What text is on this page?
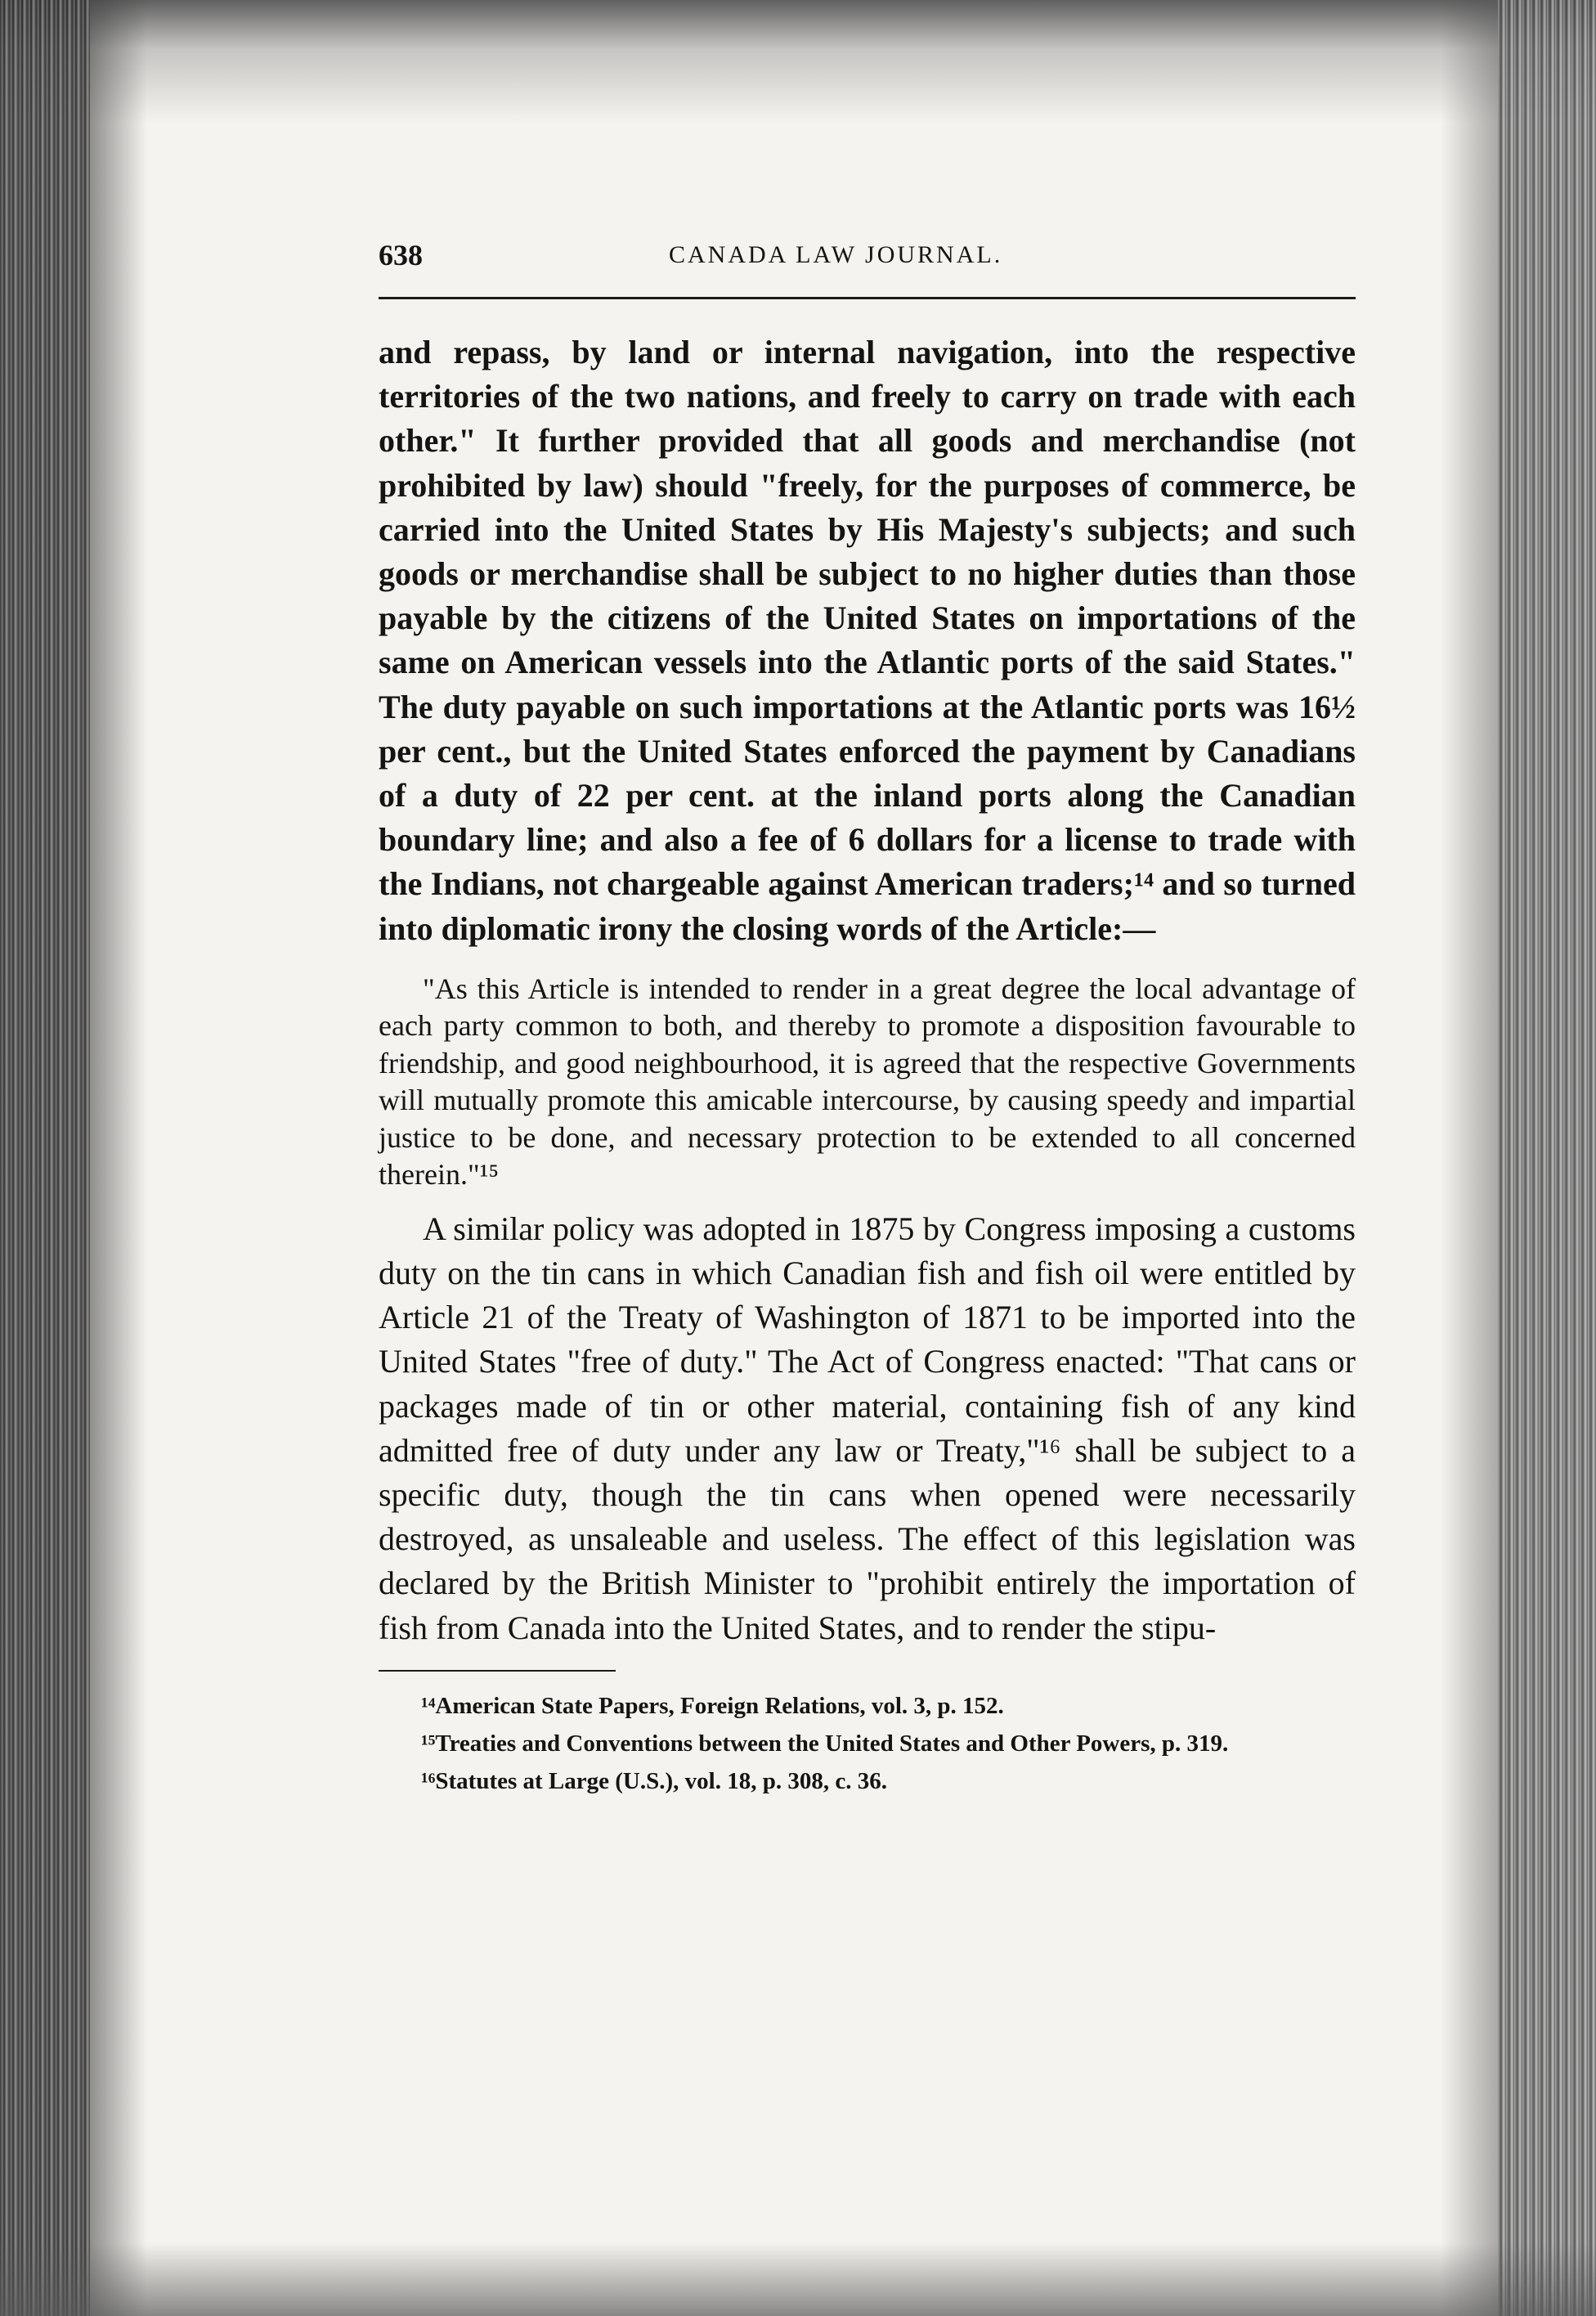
638	CANADA LAW JOURNAL.

and repass, by land or internal navigation, into the respective territories of the two nations, and freely to carry on trade with each other." It further provided that all goods and merchandise (not prohibited by law) should "freely, for the purposes of commerce, be carried into the United States by His Majesty's subjects; and such goods or merchandise shall be subject to no higher duties than those payable by the citizens of the United States on importations of the same on American vessels into the Atlantic ports of the said States." The duty payable on such importations at the Atlantic ports was 16½ per cent., but the United States enforced the payment by Canadians of a duty of 22 per cent. at the inland ports along the Canadian boundary line; and also a fee of 6 dollars for a license to trade with the Indians, not chargeable against American traders;¹⁴ and so turned into diplomatic irony the closing words of the Article:—

"As this Article is intended to render in a great degree the local advantage of each party common to both, and thereby to promote a disposition favourable to friendship, and good neighbourhood, it is agreed that the respective Governments will mutually promote this amicable intercourse, by causing speedy and impartial justice to be done, and necessary protection to be extended to all concerned therein."¹⁵

A similar policy was adopted in 1875 by Congress imposing a customs duty on the tin cans in which Canadian fish and fish oil were entitled by Article 21 of the Treaty of Washington of 1871 to be imported into the United States "free of duty." The Act of Congress enacted: "That cans or packages made of tin or other material, containing fish of any kind admitted free of duty under any law or Treaty,"¹⁶ shall be subject to a specific duty, though the tin cans when opened were necessarily destroyed, as unsaleable and useless. The effect of this legislation was declared by the British Minister to "prohibit entirely the importation of fish from Canada into the United States, and to render the stipu-

¹⁴American State Papers, Foreign Relations, vol. 3, p. 152.

¹⁵Treaties and Conventions between the United States and Other Powers, p. 319.

¹⁶Statutes at Large (U.S.), vol. 18, p. 308, c. 36.
